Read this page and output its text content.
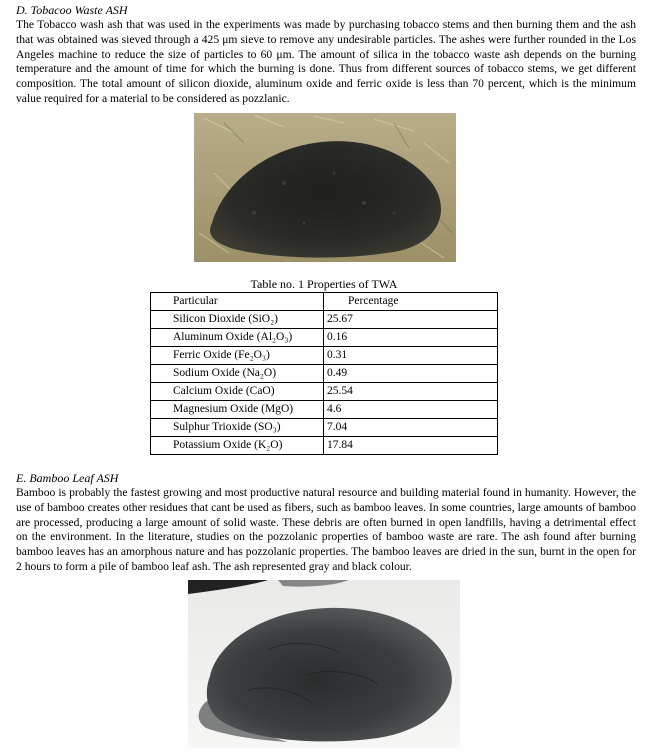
D. Tobacoo Waste ASH
The Tobacco wash ash that was used in the experiments was made by purchasing tobacco stems and then burning them and the ash that was obtained was sieved through a 425 μm sieve to remove any undesirable particles. The ashes were further rounded in the Los Angeles machine to reduce the size of particles to 60 μm. The amount of silica in the tobacco waste ash depends on the burning temperature and the amount of time for which the burning is done. Thus from different sources of tobacco stems, we get different composition. The total amount of silicon dioxide, aluminum oxide and ferric oxide is less than 70 percent, which is the minimum value required for a material to be considered as pozzlanic.
Table no. 1 Properties of TWA
Particular	Percentage
Silicon Dioxide (SiO₂)	25.67
Aluminum Oxide (Al₂O₃)	0.16
Ferric Oxide (Fe₂O₃)	0.31
Sodium Oxide (Na₂O)	0.49
Calcium Oxide (CaO)	25.54
Magnesium Oxide (MgO)	4.6
Sulphur Trioxide (SO₃)	7.04
Potassium Oxide (K₂O)	17.84
E. Bamboo Leaf ASH
Bamboo is probably the fastest growing and most productive natural resource and building material found in humanity. However, the use of bamboo creates other residues that cant be used as fibers, such as bamboo leaves. In some countries, large amounts of bamboo are processed, producing a large amount of solid waste. These debris are often burned in open landfills, having a detrimental effect on the environment. In the literature, studies on the pozzolanic properties of bamboo waste are rare. The ash found after burning bamboo leaves has an amorphous nature and has pozzolanic properties. The bamboo leaves are dried in the sun, burnt in the open for 2 hours to form a pile of bamboo leaf ash. The ash represented gray and black colour.
